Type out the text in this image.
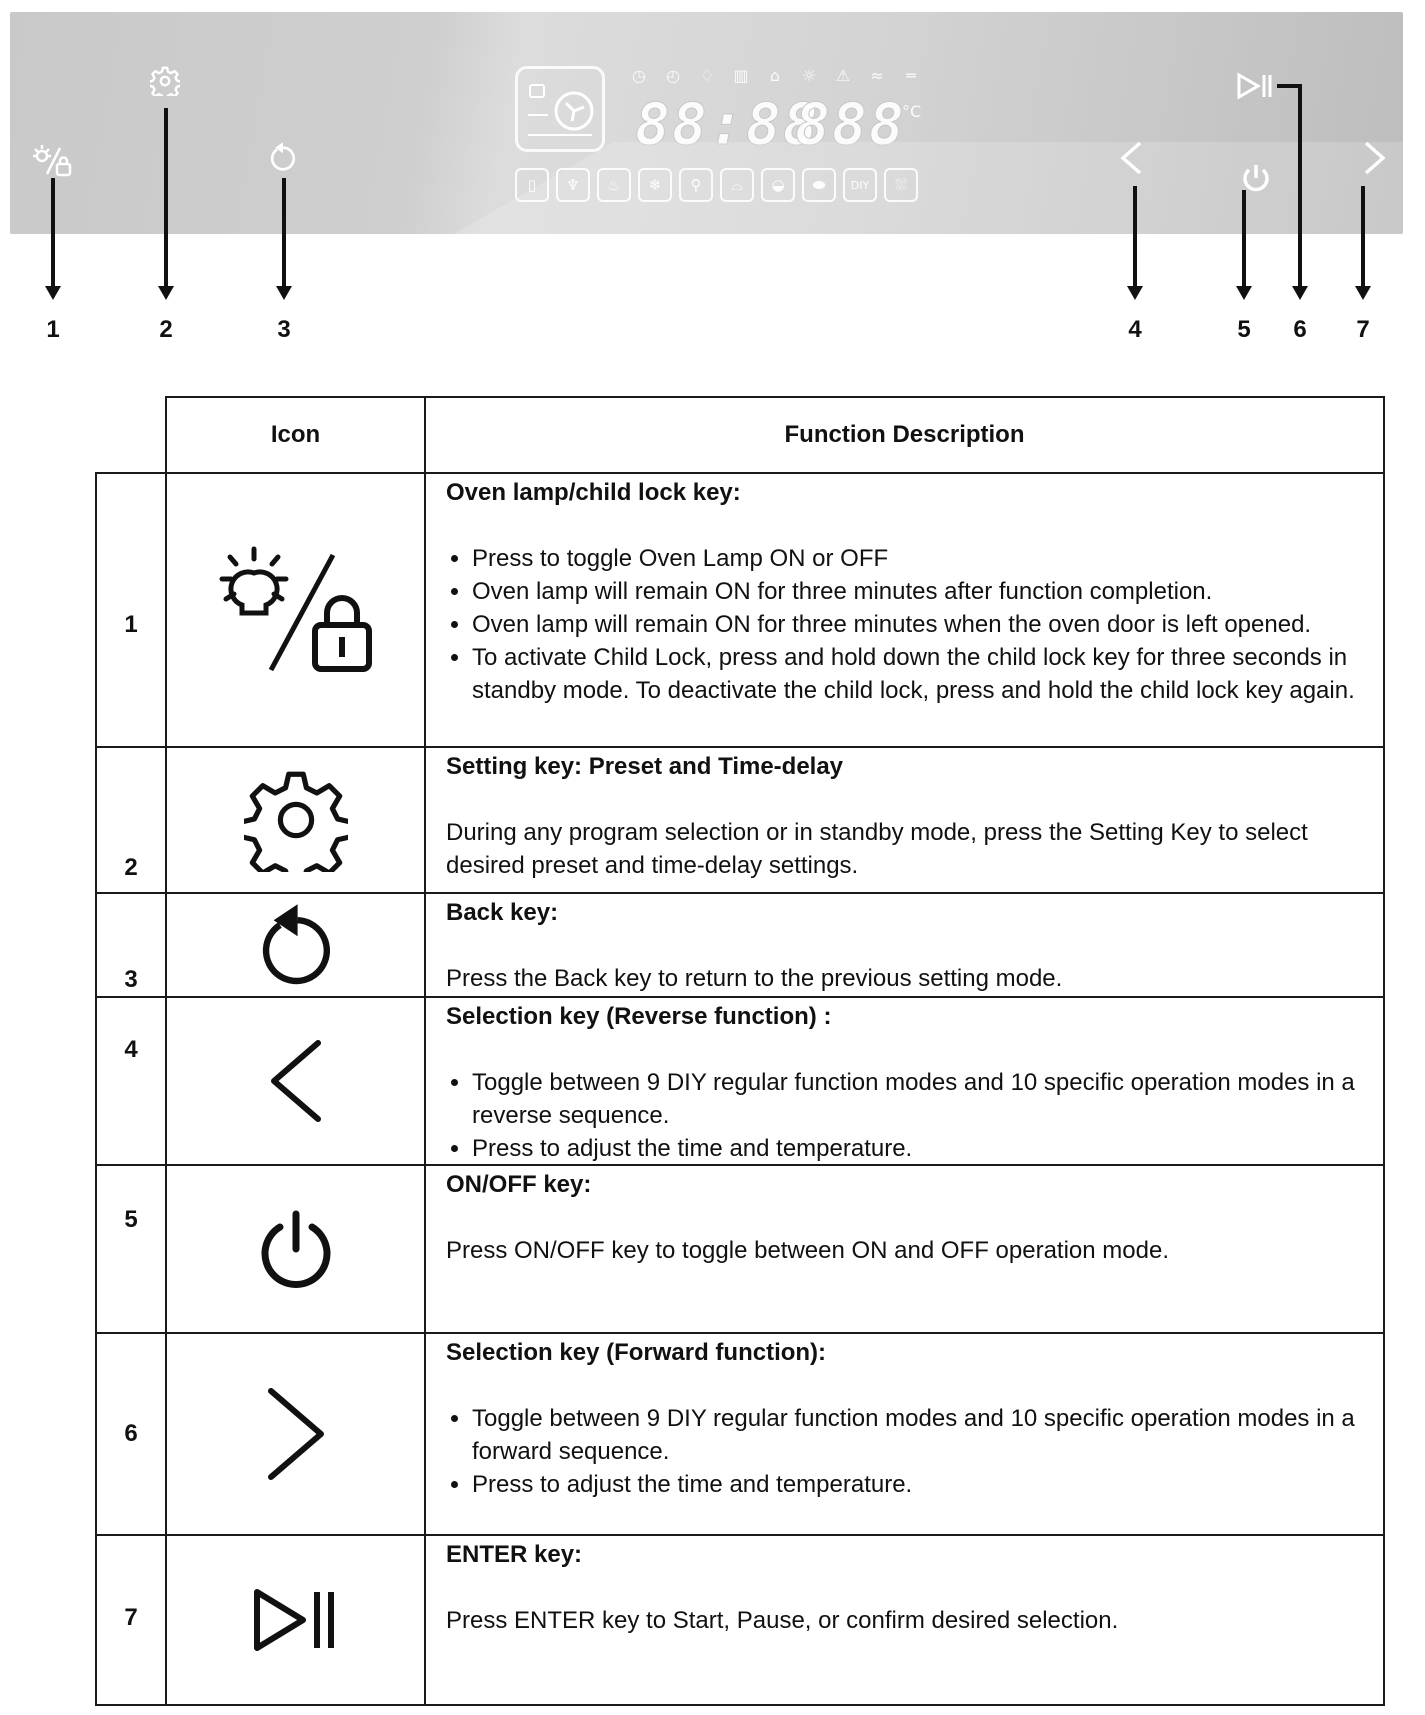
◷	◴	♢	▥	⌂	☼	⚠	≈	═
88:88
888
°C
▯	♆	♨	❄	⚲	⌓	◒	⬬	DIY	⛆
1	2	3	4	5	6	7
Icon	Function Description
1
Oven lamp/child lock key:
• Press to toggle Oven Lamp ON or OFF
• Oven lamp will remain ON for three minutes after function completion.
• Oven lamp will remain ON for three minutes when the oven door is left opened.
• To activate Child Lock, press and hold down the child lock key for three seconds in standby mode. To deactivate the child lock, press and hold the child lock key again.
2
Setting key: Preset and Time-delay

During any program selection or in standby mode, press the Setting Key to select desired preset and time-delay settings.

3
Back key:

Press the Back key to return to the previous setting mode.

4
Selection key (Reverse function) :
• Toggle between 9 DIY regular function modes and 10 specific operation modes in a reverse sequence.
• Press to adjust the time and temperature.
5
ON/OFF key:

Press ON/OFF key to toggle between ON and OFF operation mode.

6
Selection key (Forward function):
• Toggle between 9 DIY regular function modes and 10 specific operation modes in a forward sequence.
• Press to adjust the time and temperature.
7
ENTER key:

Press ENTER key to Start, Pause, or confirm desired selection.
